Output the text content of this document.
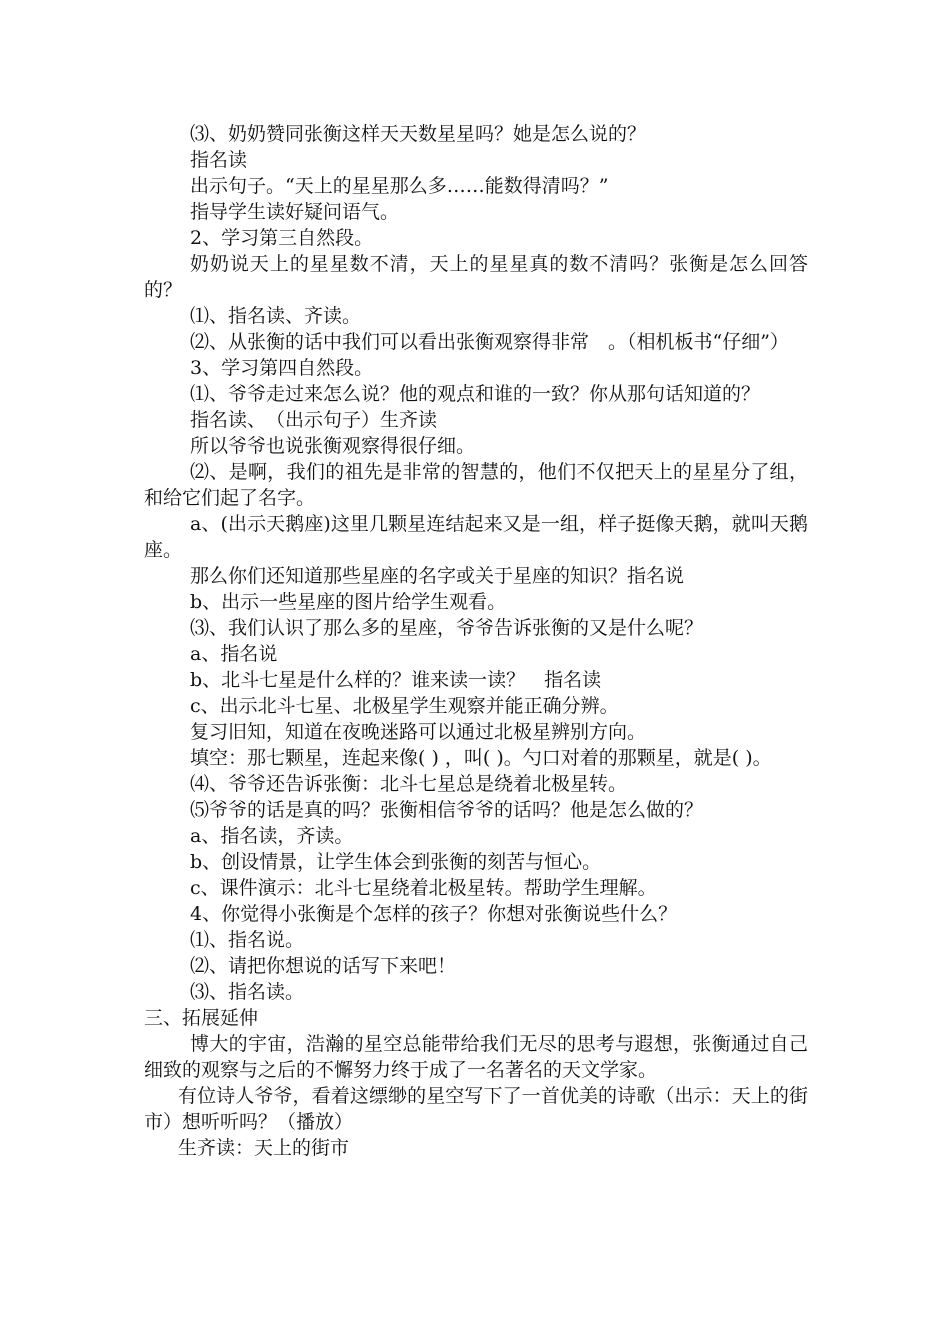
⑶、奶奶赞同张衡这样天天数星星吗？她是怎么说的？

指名读

出示句子。“天上的星星那么多……能数得清吗？”

指导学生读好疑问语气。

2、学习第三自然段。

奶奶说天上的星星数不清，天上的星星真的数不清吗？张衡是怎么回答的？

⑴、指名读、齐读。

⑵、从张衡的话中我们可以看出张衡观察得非常　。（相机板书“仔细”）

3、学习第四自然段。

⑴、爷爷走过来怎么说？他的观点和谁的一致？你从那句话知道的？

指名读、　（出示句子）生齐读

所以爷爷也说张衡观察得很仔细。

⑵、是啊，我们的祖先是非常的智慧的，他们不仅把天上的星星分了组，和给它们起了名字。

a、(出示天鹅座)这里几颗星连结起来又是一组，样子挺像天鹅，就叫天鹅座。

那么你们还知道那些星座的名字或关于星座的知识？指名说

b、出示一些星座的图片给学生观看。

⑶、我们认识了那么多的星座，爷爷告诉张衡的又是什么呢？

a、指名说

b、北斗七星是什么样的？谁来读一读？　指名读

c、出示北斗七星、北极星学生观察并能正确分辨。

复习旧知，知道在夜晚迷路可以通过北极星辨别方向。

填空：那七颗星，连起来像( ) ，叫( )。勺口对着的那颗星，就是( )。

⑷、爷爷还告诉张衡：北斗七星总是绕着北极星转。

⑸爷爷的话是真的吗？张衡相信爷爷的话吗？他是怎么做的？

a、指名读，齐读。

b、创设情景，让学生体会到张衡的刻苦与恒心。

c、课件演示：北斗七星绕着北极星转。帮助学生理解。

4、你觉得小张衡是个怎样的孩子？你想对张衡说些什么？

⑴、指名说。

⑵、请把你想说的话写下来吧！

⑶、指名读。

三、拓展延伸

博大的宇宙，浩瀚的星空总能带给我们无尽的思考与遐想，张衡通过自己细致的观察与之后的不懈努力终于成了一名著名的天文学家。

有位诗人爷爷，看着这缥缈的星空写下了一首优美的诗歌（出示：天上的街市）想听听吗？（播放）

生齐读：天上的街市
